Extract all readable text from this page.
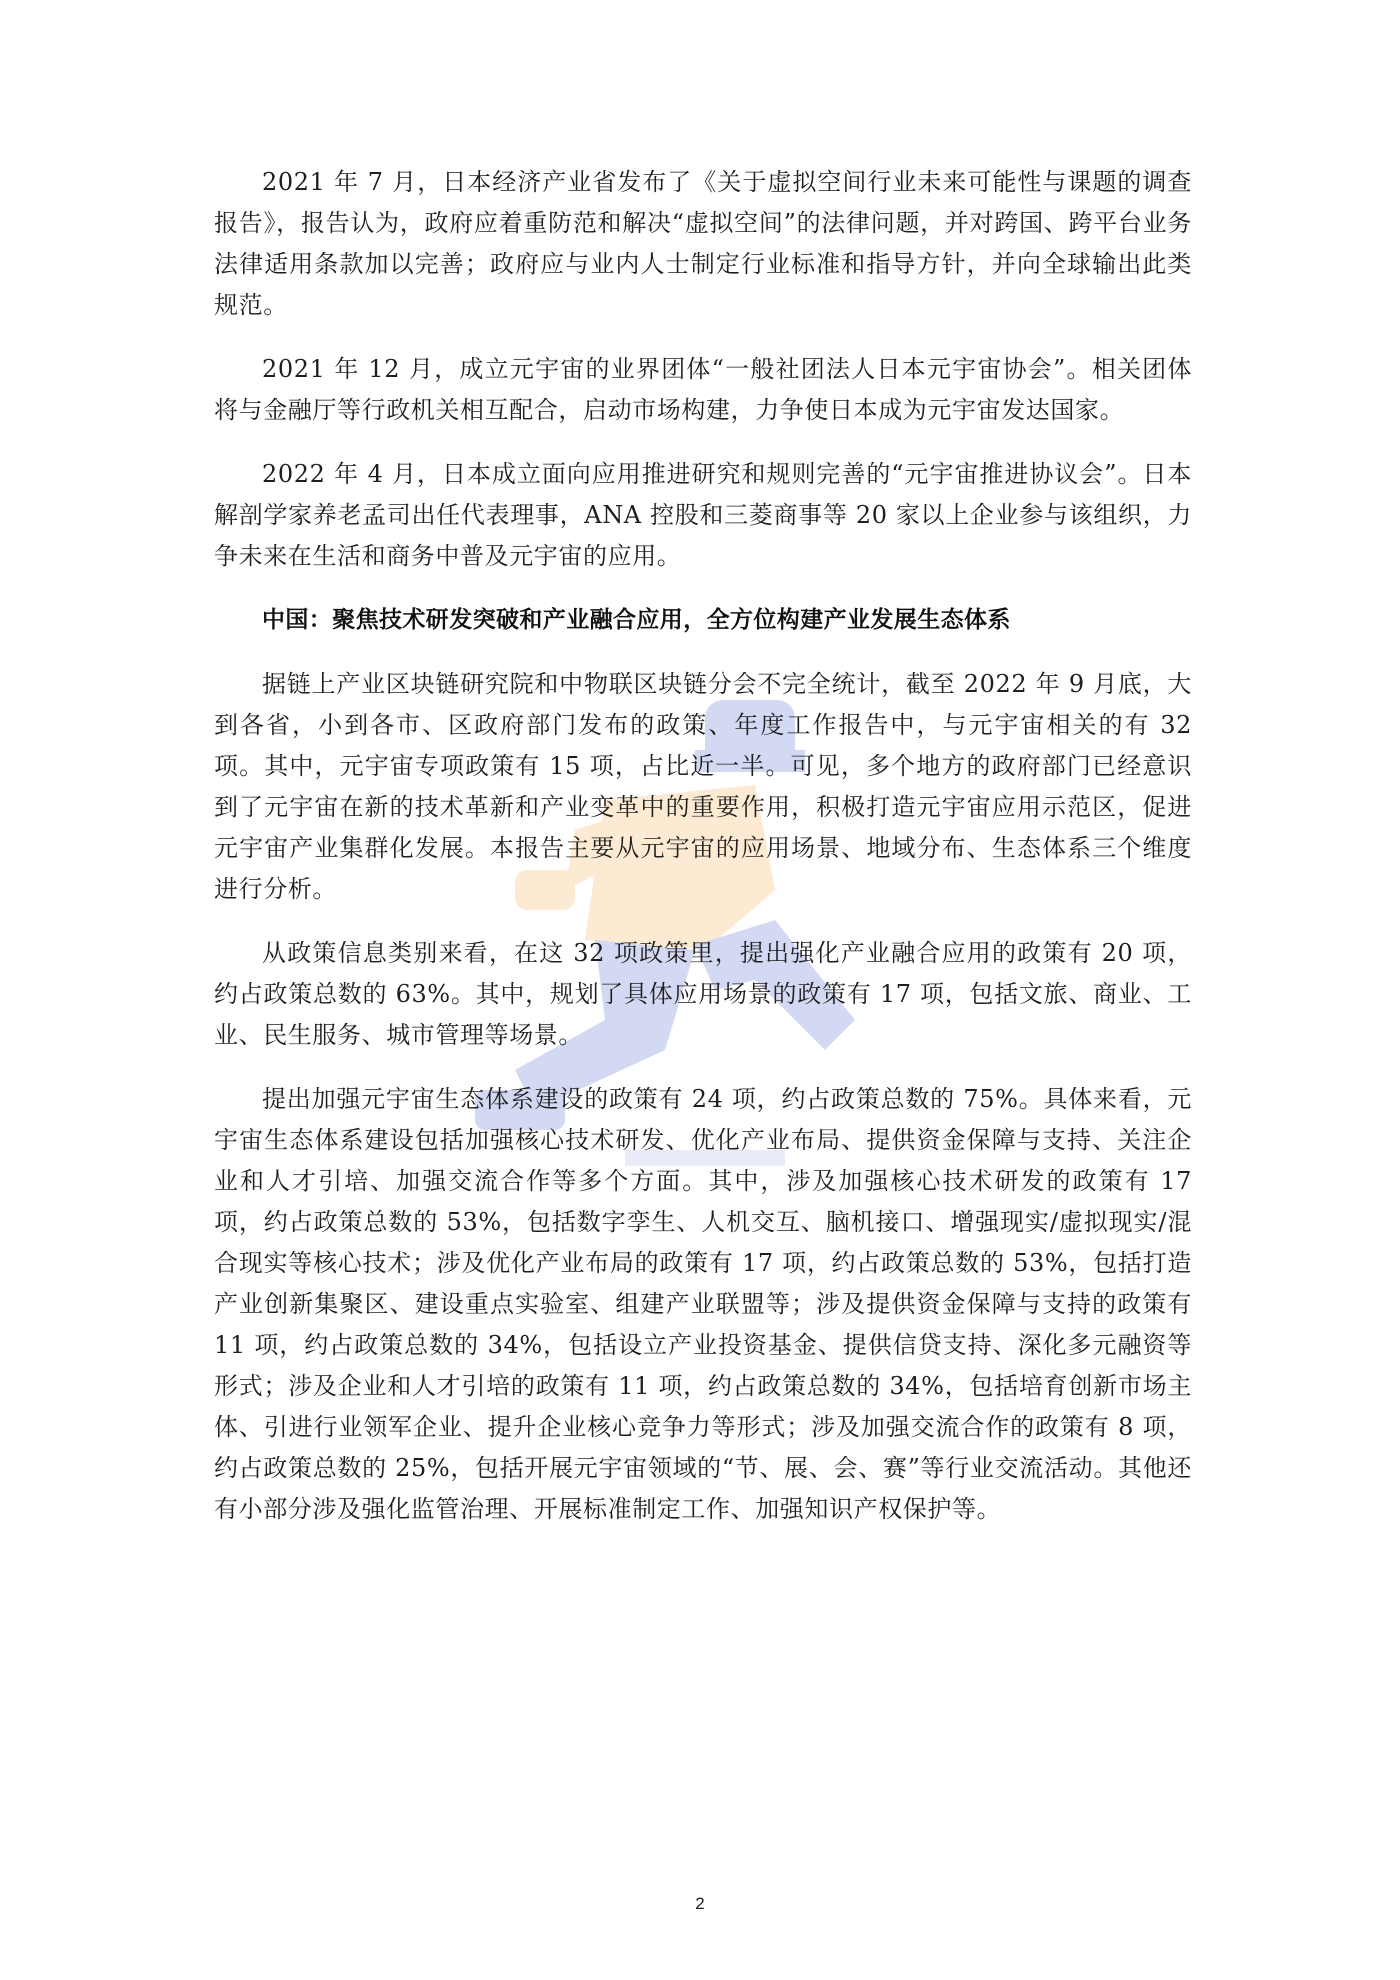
2021 年 7 月，日本经济产业省发布了《关于虚拟空间行业未来可能性与课题的调查报告》，报告认为，政府应着重防范和解决“虚拟空间”的法律问题，并对跨国、跨平台业务法律适用条款加以完善；政府应与业内人士制定行业标准和指导方针，并向全球输出此类规范。

2021 年 12 月，成立元宇宙的业界团体“一般社团法人日本元宇宙协会”。相关团体将与金融厅等行政机关相互配合，启动市场构建，力争使日本成为元宇宙发达国家。

2022 年 4 月，日本成立面向应用推进研究和规则完善的“元宇宙推进协议会”。日本解剖学家养老孟司出任代表理事，ANA 控股和三菱商事等 20 家以上企业参与该组织，力争未来在生活和商务中普及元宇宙的应用。

中国：聚焦技术研发突破和产业融合应用，全方位构建产业发展生态体系

据链上产业区块链研究院和中物联区块链分会不完全统计，截至 2022 年 9 月底，大到各省，小到各市、区政府部门发布的政策、年度工作报告中，与元宇宙相关的有 32 项。其中，元宇宙专项政策有 15 项，占比近一半。可见，多个地方的政府部门已经意识到了元宇宙在新的技术革新和产业变革中的重要作用，积极打造元宇宙应用示范区，促进元宇宙产业集群化发展。本报告主要从元宇宙的应用场景、地域分布、生态体系三个维度进行分析。

从政策信息类别来看，在这 32 项政策里，提出强化产业融合应用的政策有 20 项，约占政策总数的 63%。其中，规划了具体应用场景的政策有 17 项，包括文旅、商业、工业、民生服务、城市管理等场景。

提出加强元宇宙生态体系建设的政策有 24 项，约占政策总数的 75%。具体来看，元宇宙生态体系建设包括加强核心技术研发、优化产业布局、提供资金保障与支持、关注企业和人才引培、加强交流合作等多个方面。其中，涉及加强核心技术研发的政策有 17 项，约占政策总数的 53%，包括数字孪生、人机交互、脑机接口、增强现实/虚拟现实/混合现实等核心技术；涉及优化产业布局的政策有 17 项，约占政策总数的 53%，包括打造产业创新集聚区、建设重点实验室、组建产业联盟等；涉及提供资金保障与支持的政策有 11 项，约占政策总数的 34%，包括设立产业投资基金、提供信贷支持、深化多元融资等形式；涉及企业和人才引培的政策有 11 项，约占政策总数的 34%，包括培育创新市场主体、引进行业领军企业、提升企业核心竞争力等形式；涉及加强交流合作的政策有 8 项，约占政策总数的 25%，包括开展元宇宙领域的“节、展、会、赛”等行业交流活动。其他还有小部分涉及强化监管治理、开展标准制定工作、加强知识产权保护等。

2
